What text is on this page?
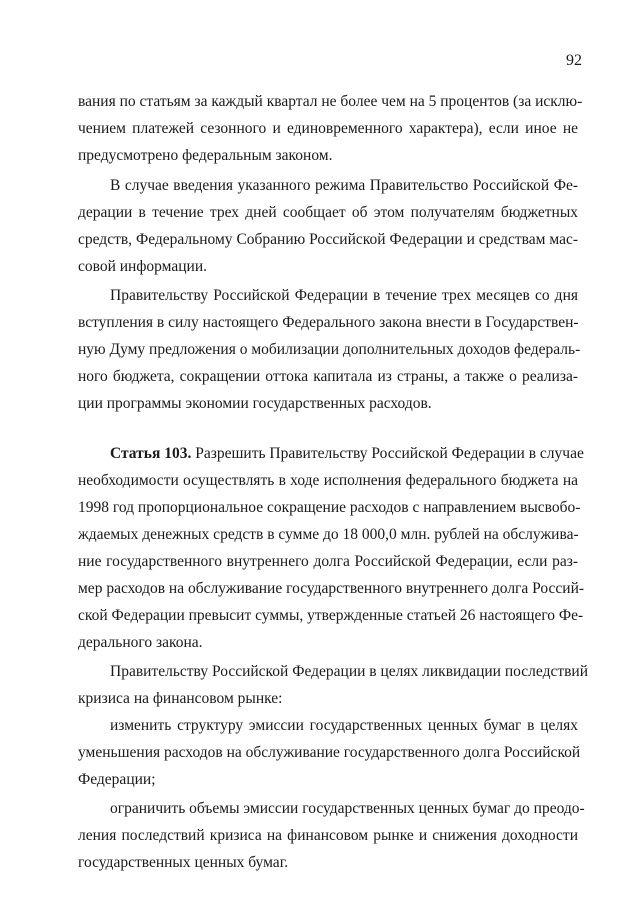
92
вания по статьям за каждый квартал не более чем на 5 процентов (за исклю-
чением платежей сезонного и единовременного характера), если иное не
предусмотрено федеральным законом.
В случае введения указанного режима Правительство Российской Фе-
дерации в течение трех дней сообщает об этом получателям бюджетных
средств, Федеральному Собранию Российской Федерации и средствам мас-
совой информации.
Правительству Российской Федерации в течение трех месяцев со дня
вступления в силу настоящего Федерального закона внести в Государствен-
ную Думу предложения о мобилизации дополнительных доходов федераль-
ного бюджета, сокращении оттока капитала из страны, а также о реализа-
ции программы экономии государственных расходов.
Статья 103. Разрешить Правительству Российской Федерации в случае
необходимости осуществлять в ходе исполнения федерального бюджета на
1998 год пропорциональное сокращение расходов с направлением высвобо-
ждаемых денежных средств в сумме до 18 000,0 млн. рублей на обслужива-
ние государственного внутреннего долга Российской Федерации, если раз-
мер расходов на обслуживание государственного внутреннего долга Россий-
ской Федерации превысит суммы, утвержденные статьей 26 настоящего Фе-
дерального закона.
Правительству Российской Федерации в целях ликвидации последствий
кризиса на финансовом рынке:
изменить структуру эмиссии государственных ценных бумаг в целях
уменьшения расходов на обслуживание государственного долга Российской
Федерации;
ограничить объемы эмиссии государственных ценных бумаг до преодо-
ления последствий кризиса на финансовом рынке и снижения доходности
государственных ценных бумаг.
